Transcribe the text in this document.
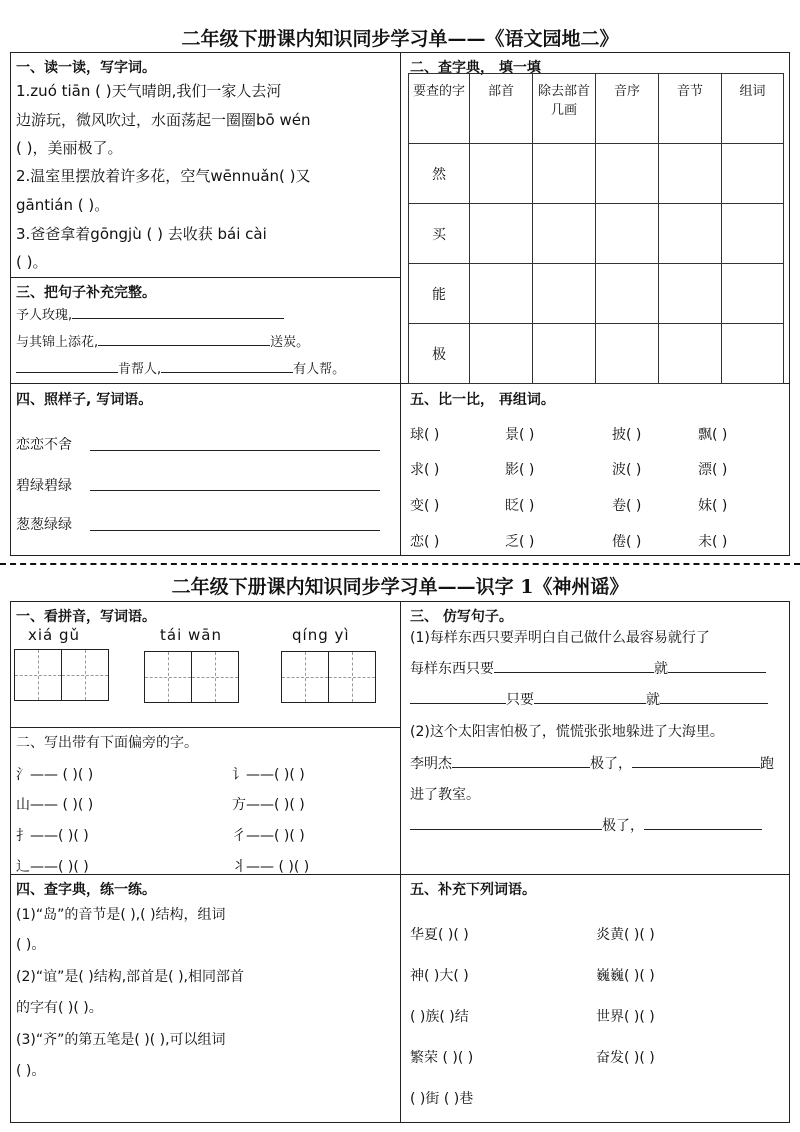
二年级下册课内知识同步学习单——《语文园地二》
一、读一读，写字词。
1.zuó tiān ( )天气晴朗,我们一家人去河
边游玩，微风吹过，水面荡起一圈圈bō wén
( )，美丽极了。
2.温室里摆放着许多花，空气wēnnuǎn( )又
gāntián ( )。
3.爸爸拿着gōngjù ( ) 去收获 bái cài
( )。
二、查字典， 填一填
要查的字	部首	除去部首几画	音序	音节	组词
然					
买					
能					
极					
三、把句子补充完整。
予人玫瑰,
与其锦上添花,	送炭。
肯帮人,	有人帮。
四、照样子, 写词语。
恋恋不舍
碧绿碧绿
葱葱绿绿
五、比一比， 再组词。
球( )	景( )	披( )	飘( )
求( )	影( )	波( )	漂( )
变( )	眨( )	卷( )	妹( )
恋( )	乏( )	倦( )	未( )
二年级下册课内知识同步学习单——识字 1《神州谣》
一、看拼音，写词语。
xiá gǔ	tái wān	qíng yì
二、写出带有下面偏旁的字。
氵—— ( )( )	讠——( )( )
山—— ( )( )	方——( )( )
扌——( )( )	彳——( )( )
辶——( )( )	丬—— ( )( )
三、 仿写句子。
(1)每样东西只要弄明白自己做什么最容易就行了
每样东西只要	就
只要	就
(2)这个太阳害怕极了，慌慌张张地躲进了大海里。
李明杰	极了，	跑
进了教室。
极了，
四、查字典，练一练。
(1)“岛”的音节是( ),( )结构，组词
( )。
(2)“谊”是( )结构,部首是( ),相同部首
的字有( )( )。
(3)“齐”的第五笔是( )( ),可以组词
( )。
五、补充下列词语。
华夏( )( )	炎黄( )( )
神( )大( )	巍巍( )( )
( )族( )结	世界( )( )
繁荣 ( )( )	奋发( )( )
( )街 ( )巷
